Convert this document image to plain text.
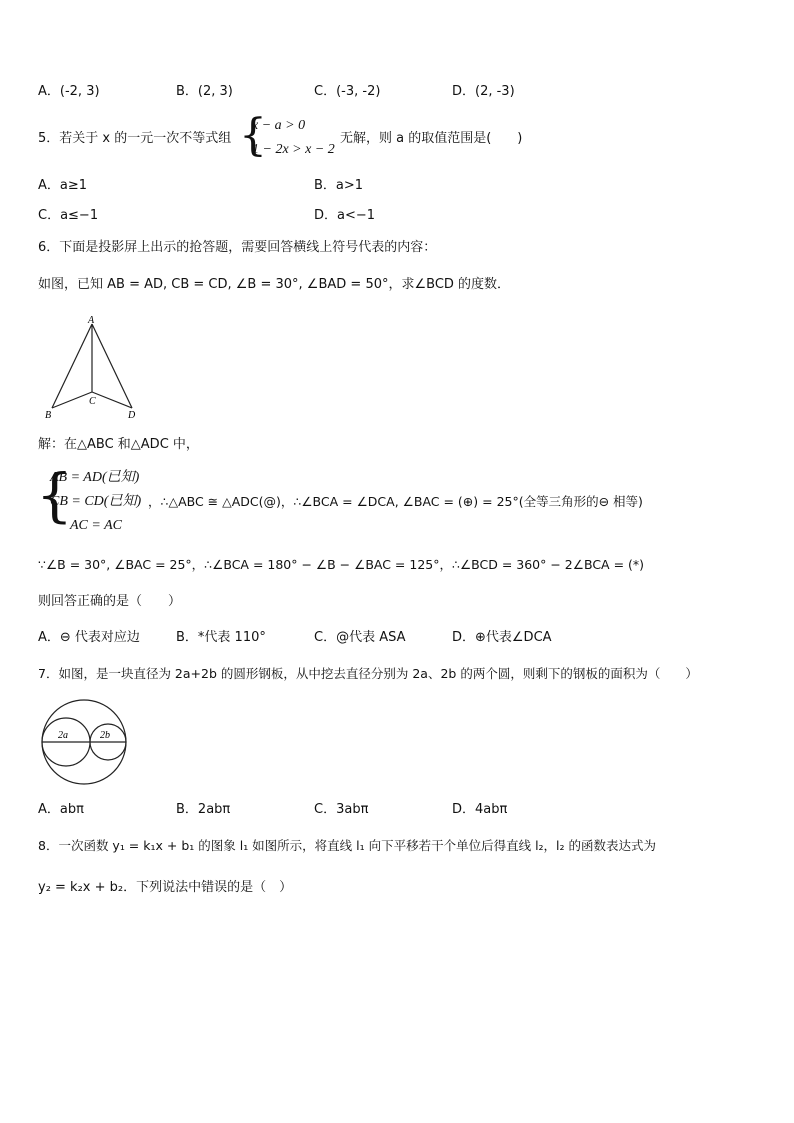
A．(-2, 3)	B．(2, 3)	C．(-3, -2)	D．(2, -3)
5．若关于 x 的一元一次不等式组 {
x − a > 0
1 − 2x > x − 2
无解，则 a 的取值范围是(　　)
A．a≥1	B．a>1
C．a≤−1	D．a<−1
6．下面是投影屏上出示的抢答题，需要回答横线上符号代表的内容：
如图，已知 AB = AD, CB = CD, ∠B = 30°, ∠BAD = 50°，求∠BCD 的度数．
A
B
C
D
解：在△ABC 和△ADC 中，
{
AB = AD(已知)
CB = CD(已知)
AC = AC
，∴△ABC ≅ △ADC(@)，∴∠BCA = ∠DCA, ∠BAC = (⊕) = 25°(全等三角形的⊖ 相等)
∵∠B = 30°, ∠BAC = 25°，∴∠BCA = 180° − ∠B − ∠BAC = 125°，∴∠BCD = 360° − 2∠BCA = (*)
则回答正确的是（　　）
A．⊖ 代表对应边	B．*代表 110°	C．@代表 ASA	D．⊕代表∠DCA
7．如图，是一块直径为 2a+2b 的圆形钢板，从中挖去直径分别为 2a、2b 的两个圆，则剩下的钢板的面积为（　　）
2a	2b
A．abπ	B．2abπ	C．3abπ	D．4abπ
8．一次函数 y₁ = k₁x + b₁ 的图象 l₁ 如图所示，将直线 l₁ 向下平移若干个单位后得直线 l₂，l₂ 的函数表达式为
y₂ = k₂x + b₂．下列说法中错误的是（　）
